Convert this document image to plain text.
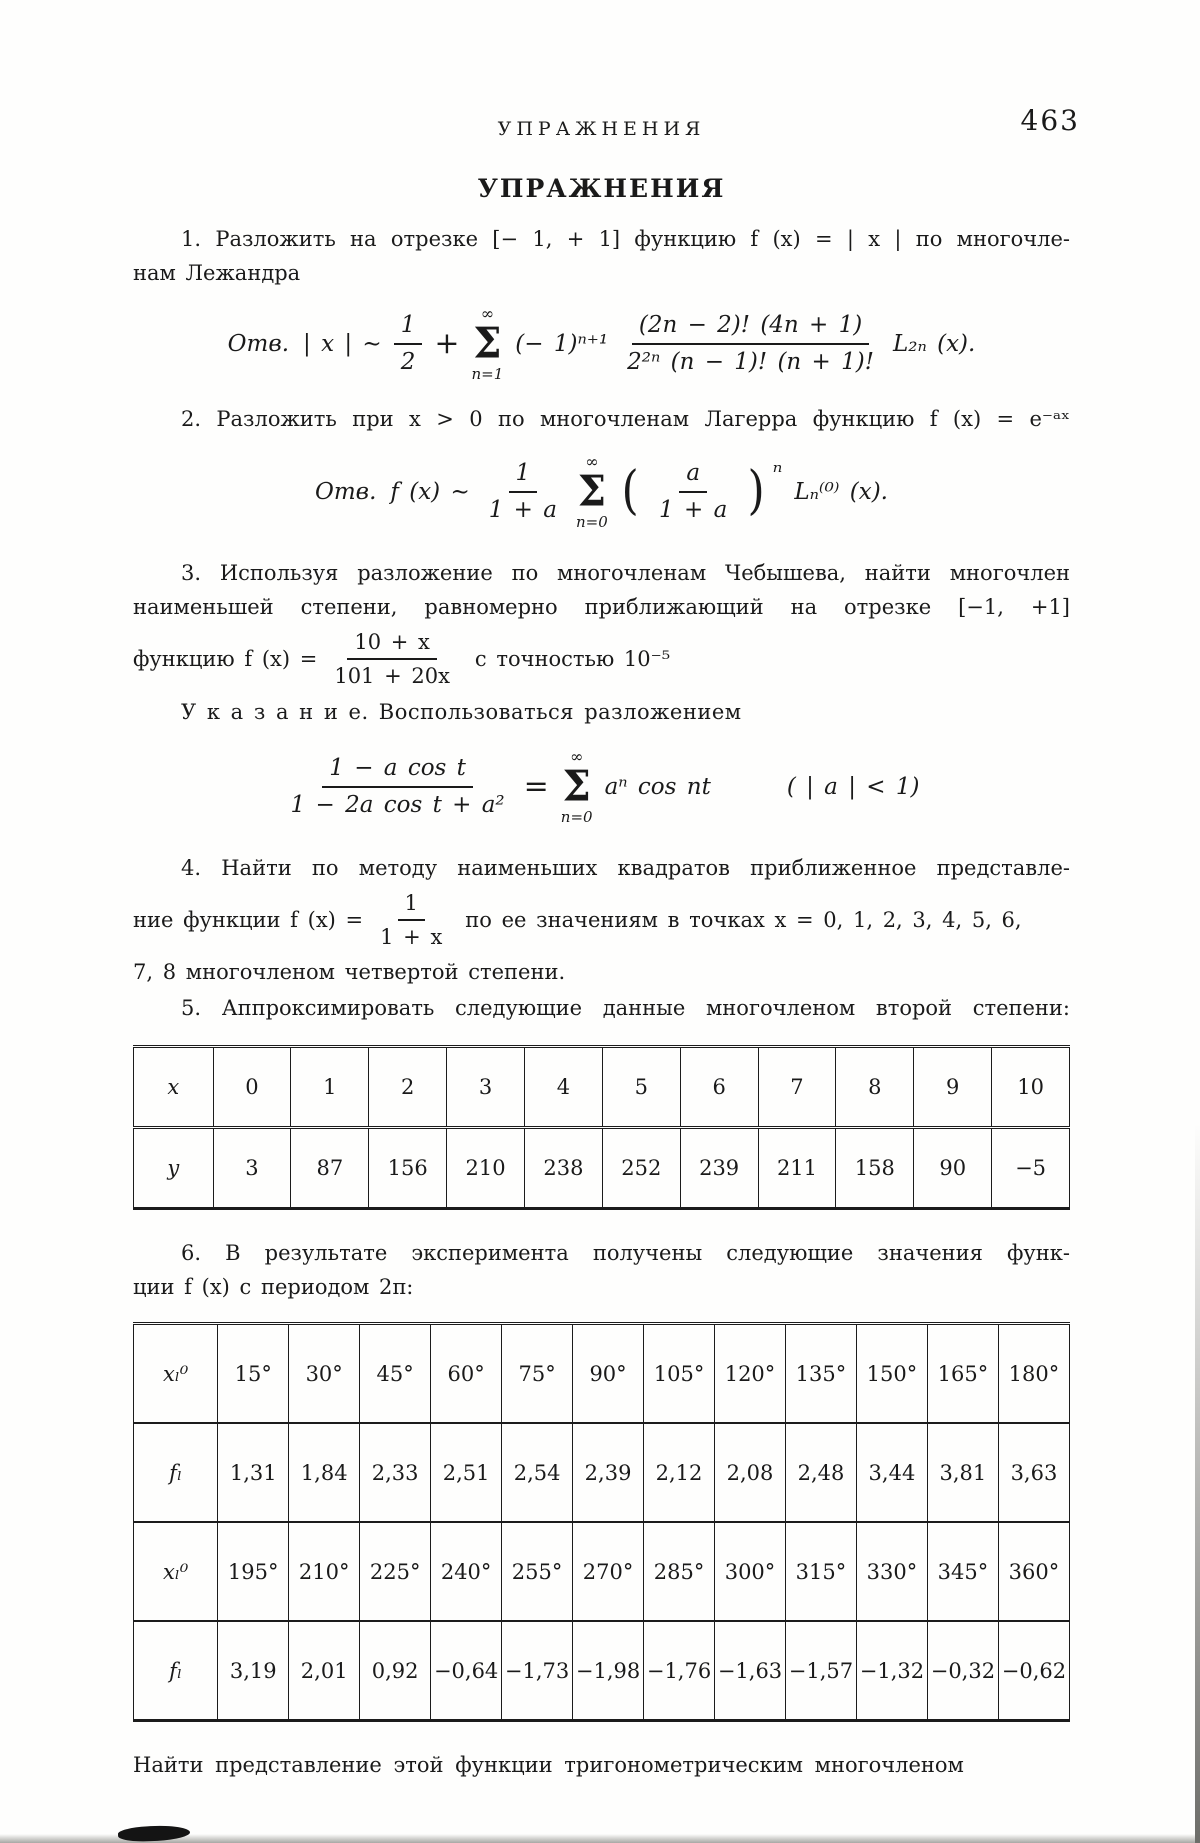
УПРАЖНЕНИЯ	463
УПРАЖНЕНИЯ
1. Разложить на отрезке [− 1, + 1] функцию f (x) = | x | по многочле-
нам Лежандра
Отв. | x | ∼ $\frac{1}{2}$ +
∞
Σ
n=1
(− $1)^{n+1} \frac{(2n - 2)! (4n + 1)}{\text{2²ⁿ (n − 1)! (n + 1)!}} L_{2n}$ (x).
2. Разложить при x > 0 по многочленам Лагерра функцию f (x) = e⁻ᵃˣ
Отв. f (x) ∼ $\frac{1}{1 + a}$ ∞
Σ
n=0
( $\frac{a}{1 + a}$ ) ⁿ
Lₙ⁽⁰⁾ (x).
3. Используя разложение по многочленам Чебышева, найти многочлен
наименьшей степени, равномерно приближающий на отрезке [−1, +1]
функцию f $(x) = \frac{10 + x}{101 + 20x}$ с точностью 10⁻⁵
У к а з а н и е. Воспользоваться разложением
$\frac{\text{1 − a cos t}}{\text{1 − 2a cos t + a²}}$ =
∞
Σ
n=0
aⁿ cos nt	( | a | < 1)
4. Найти по методу наименьших квадратов приближенное представле-
ние функции f $(x) = \frac{1}{1 + x}$ по ее значениям в точках x = 0, 1, 2, 3, 4, 5, 6,
7, 8 многочленом четвертой степени.
5. Аппроксимировать следующие данные многочленом второй степени:
x	0	1	2	3	4	5	6	7	8	9	10
y	3	87	156	210	238	252	239	211	158	90	−5
6. В результате эксперимента получены следующие значения функ-
ции f (x) с периодом 2π:
xₗ⁰	15°	30°	45°	60°	75°	90°	105°	120°	135°	150°	165°	180°
fₗ	1,31	1,84	2,33	2,51	2,54	2,39	2,12	2,08	2,48	3,44	3,81	3,63
xₗ⁰	195°	210°	225°	240°	255°	270°	285°	300°	315°	330°	345°	360°
fₗ	3,19	2,01	0,92	−0,64	−1,73	−1,98	−1,76	−1,63	−1,57	−1,32	−0,32	−0,62
Найти представление этой функции тригонометрическим многочленом
